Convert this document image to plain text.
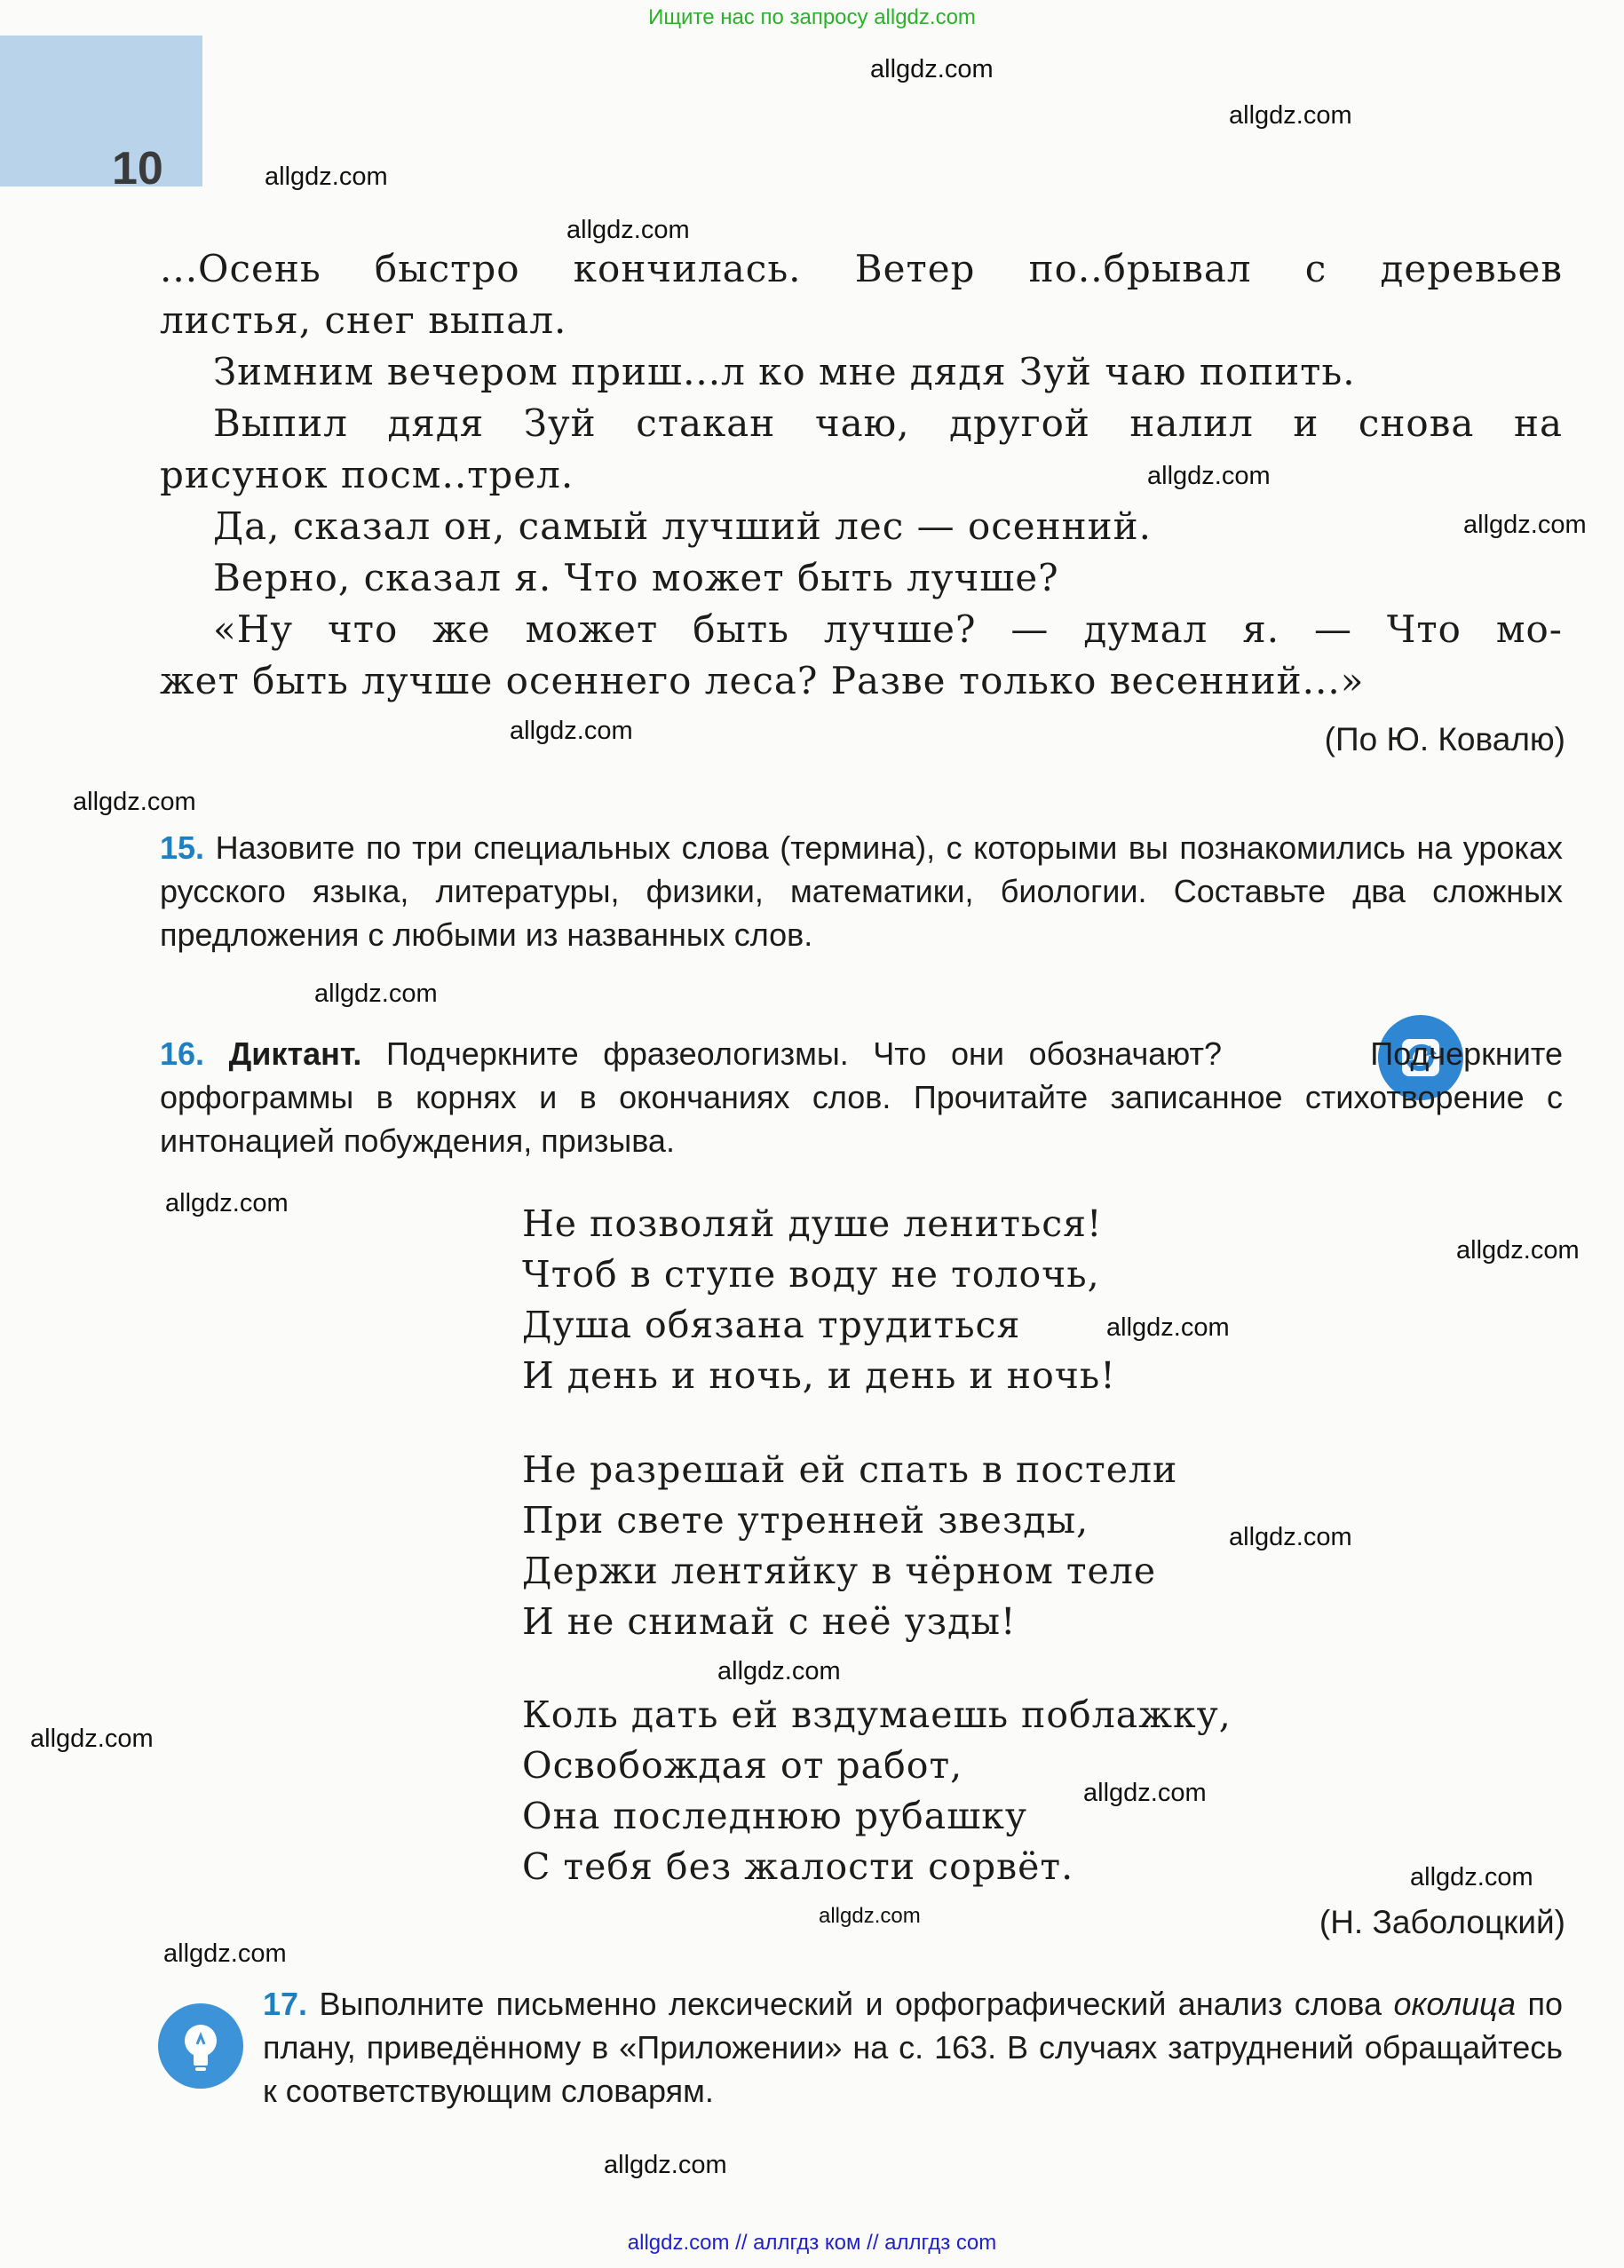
10
Ищите нас по запросу allgdz.com
allgdz.com // аллгдз ком // аллгдз com
...Осень быстро кончилась. Ветер по..брывал с деревьев
листья, снег выпал.
Зимним вечером приш...л ко мне дядя Зуй чаю попить.
Выпил дядя Зуй стакан чаю, другой налил и снова на
рисунок посм..трел.
Да, сказал он, самый лучший лес — осенний.
Верно, сказал я. Что может быть лучше?
«Ну что же может быть лучше? — думал я. — Что мо-
жет быть лучше осеннего леса? Разве только весенний...»
(По Ю. Ковалю)
15. Назовите по три специальных слова (термина), с которыми вы познакомились на уроках русского языка, литературы, физики, математики, биологии. Составьте два сложных предложения с любыми из названных слов.
16. Диктант. Подчеркните фразеологизмы. Что они обозначают?	Подчеркните орфограммы в корнях и в окончаниях слов. Прочитайте записанное стихотворение с интонацией побуждения, призыва.
Не позволяй душе лениться!
Чтоб в ступе воду не толочь,
Душа обязана трудиться
И день и ночь, и день и ночь!
Не разрешай ей спать в постели
При свете утренней звезды,
Держи лентяйку в чёрном теле
И не снимай с неё узды!
Коль дать ей вздумаешь поблажку,
Освобождая от работ,
Она последнюю рубашку
С тебя без жалости сорвёт.
(Н. Заболоцкий)
17. Выполните письменно лексический и орфографический анализ слова околица по плану, приведённому в «Приложении» на с. 163. В случаях затруднений обращайтесь к соответствующим словарям.
allgdz.com
allgdz.com
allgdz.com
allgdz.com
allgdz.com
allgdz.com
allgdz.com
allgdz.com
allgdz.com
allgdz.com
allgdz.com
allgdz.com
allgdz.com
allgdz.com
allgdz.com
allgdz.com
allgdz.com
allgdz.com
allgdz.com
allgdz.com
